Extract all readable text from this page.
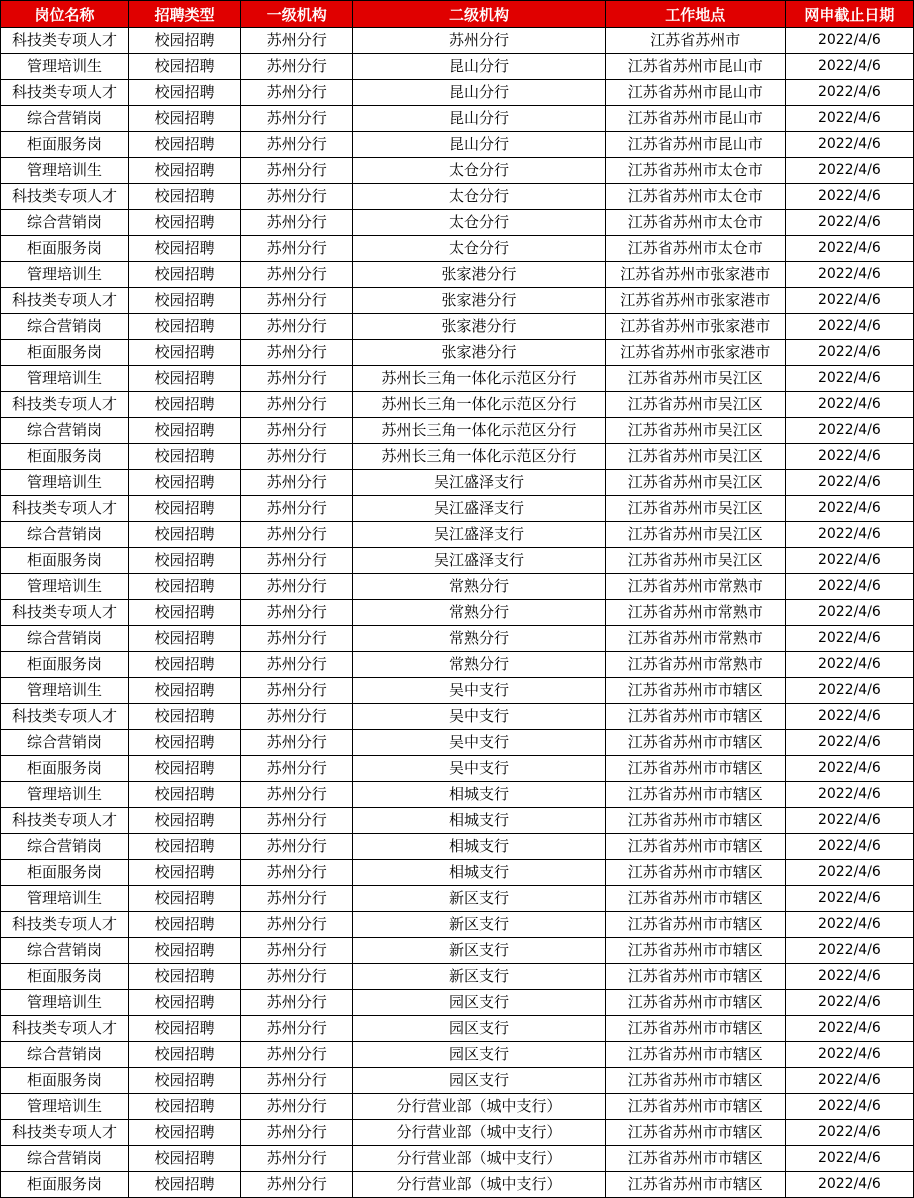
岗位名称	招聘类型	一级机构	二级机构	工作地点	网申截止日期
科技类专项人才	校园招聘	苏州分行	苏州分行	江苏省苏州市	2022/4/6
管理培训生	校园招聘	苏州分行	昆山分行	江苏省苏州市昆山市	2022/4/6
科技类专项人才	校园招聘	苏州分行	昆山分行	江苏省苏州市昆山市	2022/4/6
综合营销岗	校园招聘	苏州分行	昆山分行	江苏省苏州市昆山市	2022/4/6
柜面服务岗	校园招聘	苏州分行	昆山分行	江苏省苏州市昆山市	2022/4/6
管理培训生	校园招聘	苏州分行	太仓分行	江苏省苏州市太仓市	2022/4/6
科技类专项人才	校园招聘	苏州分行	太仓分行	江苏省苏州市太仓市	2022/4/6
综合营销岗	校园招聘	苏州分行	太仓分行	江苏省苏州市太仓市	2022/4/6
柜面服务岗	校园招聘	苏州分行	太仓分行	江苏省苏州市太仓市	2022/4/6
管理培训生	校园招聘	苏州分行	张家港分行	江苏省苏州市张家港市	2022/4/6
科技类专项人才	校园招聘	苏州分行	张家港分行	江苏省苏州市张家港市	2022/4/6
综合营销岗	校园招聘	苏州分行	张家港分行	江苏省苏州市张家港市	2022/4/6
柜面服务岗	校园招聘	苏州分行	张家港分行	江苏省苏州市张家港市	2022/4/6
管理培训生	校园招聘	苏州分行	苏州长三角一体化示范区分行	江苏省苏州市吴江区	2022/4/6
科技类专项人才	校园招聘	苏州分行	苏州长三角一体化示范区分行	江苏省苏州市吴江区	2022/4/6
综合营销岗	校园招聘	苏州分行	苏州长三角一体化示范区分行	江苏省苏州市吴江区	2022/4/6
柜面服务岗	校园招聘	苏州分行	苏州长三角一体化示范区分行	江苏省苏州市吴江区	2022/4/6
管理培训生	校园招聘	苏州分行	吴江盛泽支行	江苏省苏州市吴江区	2022/4/6
科技类专项人才	校园招聘	苏州分行	吴江盛泽支行	江苏省苏州市吴江区	2022/4/6
综合营销岗	校园招聘	苏州分行	吴江盛泽支行	江苏省苏州市吴江区	2022/4/6
柜面服务岗	校园招聘	苏州分行	吴江盛泽支行	江苏省苏州市吴江区	2022/4/6
管理培训生	校园招聘	苏州分行	常熟分行	江苏省苏州市常熟市	2022/4/6
科技类专项人才	校园招聘	苏州分行	常熟分行	江苏省苏州市常熟市	2022/4/6
综合营销岗	校园招聘	苏州分行	常熟分行	江苏省苏州市常熟市	2022/4/6
柜面服务岗	校园招聘	苏州分行	常熟分行	江苏省苏州市常熟市	2022/4/6
管理培训生	校园招聘	苏州分行	吴中支行	江苏省苏州市市辖区	2022/4/6
科技类专项人才	校园招聘	苏州分行	吴中支行	江苏省苏州市市辖区	2022/4/6
综合营销岗	校园招聘	苏州分行	吴中支行	江苏省苏州市市辖区	2022/4/6
柜面服务岗	校园招聘	苏州分行	吴中支行	江苏省苏州市市辖区	2022/4/6
管理培训生	校园招聘	苏州分行	相城支行	江苏省苏州市市辖区	2022/4/6
科技类专项人才	校园招聘	苏州分行	相城支行	江苏省苏州市市辖区	2022/4/6
综合营销岗	校园招聘	苏州分行	相城支行	江苏省苏州市市辖区	2022/4/6
柜面服务岗	校园招聘	苏州分行	相城支行	江苏省苏州市市辖区	2022/4/6
管理培训生	校园招聘	苏州分行	新区支行	江苏省苏州市市辖区	2022/4/6
科技类专项人才	校园招聘	苏州分行	新区支行	江苏省苏州市市辖区	2022/4/6
综合营销岗	校园招聘	苏州分行	新区支行	江苏省苏州市市辖区	2022/4/6
柜面服务岗	校园招聘	苏州分行	新区支行	江苏省苏州市市辖区	2022/4/6
管理培训生	校园招聘	苏州分行	园区支行	江苏省苏州市市辖区	2022/4/6
科技类专项人才	校园招聘	苏州分行	园区支行	江苏省苏州市市辖区	2022/4/6
综合营销岗	校园招聘	苏州分行	园区支行	江苏省苏州市市辖区	2022/4/6
柜面服务岗	校园招聘	苏州分行	园区支行	江苏省苏州市市辖区	2022/4/6
管理培训生	校园招聘	苏州分行	分行营业部（城中支行）	江苏省苏州市市辖区	2022/4/6
科技类专项人才	校园招聘	苏州分行	分行营业部（城中支行）	江苏省苏州市市辖区	2022/4/6
综合营销岗	校园招聘	苏州分行	分行营业部（城中支行）	江苏省苏州市市辖区	2022/4/6
柜面服务岗	校园招聘	苏州分行	分行营业部（城中支行）	江苏省苏州市市辖区	2022/4/6
